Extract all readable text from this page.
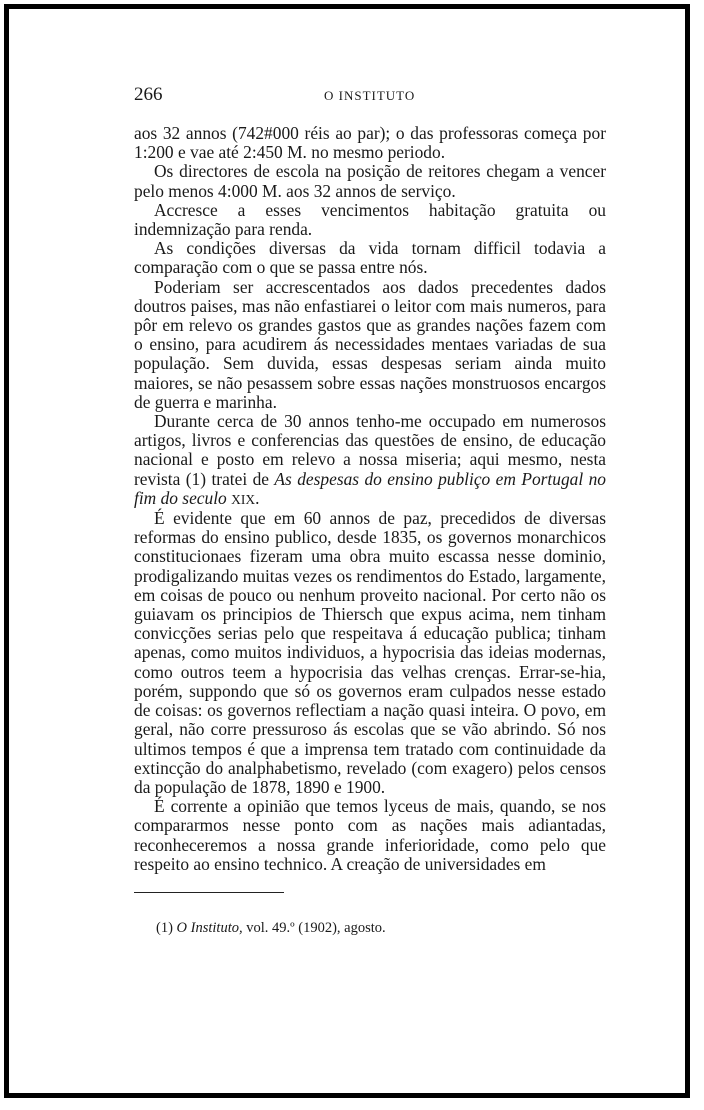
266	O INSTITUTO

aos 32 annos (742#000 réis ao par); o das professoras começa por 1:200 e vae até 2:450 M. no mesmo periodo.

Os directores de escola na posição de reitores chegam a vencer pelo menos 4:000 M. aos 32 annos de serviço.

Accresce a esses vencimentos habitação gratuita ou indemnização para renda.

As condições diversas da vida tornam difficil todavia a comparação com o que se passa entre nós.

Poderiam ser accrescentados aos dados precedentes dados doutros paises, mas não enfastiarei o leitor com mais numeros, para pôr em relevo os grandes gastos que as grandes nações fazem com o ensino, para acudirem ás necessidades mentaes variadas de sua população. Sem duvida, essas despesas seriam ainda muito maiores, se não pesassem sobre essas nações monstruosos encargos de guerra e marinha.

Durante cerca de 30 annos tenho-me occupado em numerosos artigos, livros e conferencias das questões de ensino, de educação nacional e posto em relevo a nossa miseria; aqui mesmo, nesta revista (1) tratei de As despesas do ensino publiço em Portugal no fim do seculo XIX.

É evidente que em 60 annos de paz, precedidos de diversas reformas do ensino publico, desde 1835, os governos monarchicos constitucionaes fizeram uma obra muito escassa nesse dominio, prodigalizando muitas vezes os rendimentos do Estado, largamente, em coisas de pouco ou nenhum proveito nacional. Por certo não os guiavam os principios de Thiersch que expus acima, nem tinham convicções serias pelo que respeitava á educação publica; tinham apenas, como muitos individuos, a hypocrisia das ideias modernas, como outros teem a hypocrisia das velhas crenças. Errar-se-hia, porém, suppondo que só os governos eram culpados nesse estado de coisas: os governos reflectiam a nação quasi inteira. O povo, em geral, não corre pressuroso ás escolas que se vão abrindo. Só nos ultimos tempos é que a imprensa tem tratado com continuidade da extincção do analphabetismo, revelado (com exagero) pelos censos da população de 1878, 1890 e 1900.

É corrente a opinião que temos lyceus de mais, quando, se nos compararmos nesse ponto com as nações mais adiantadas, reconheceremos a nossa grande inferioridade, como pelo que respeito ao ensino technico. A creação de universidades em

(1) O Instituto, vol. 49.º (1902), agosto.
